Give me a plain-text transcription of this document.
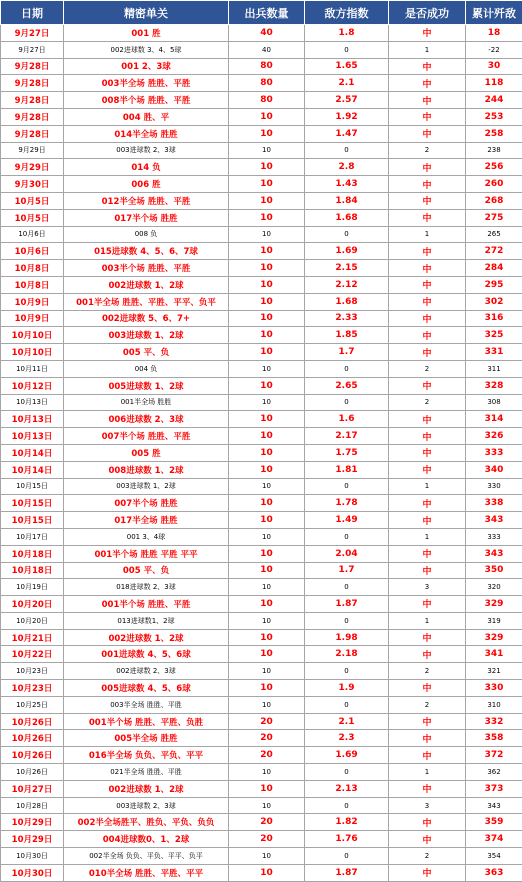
日期	精密单关	出兵数量	敌方指数	是否成功	累计歼敌
9月27日	001 胜	40	1.8	中	18
9月27日	002进球数 3、4、5球	40	0	1	-22
9月28日	001 2、3球	80	1.65	中	30
9月28日	003半全场 胜胜、平胜	80	2.1	中	118
9月28日	008半个场 胜胜、平胜	80	2.57	中	244
9月28日	004 胜、平	10	1.92	中	253
9月28日	014半全场 胜胜	10	1.47	中	258
9月29日	003进球数 2、3球	10	0	2	238
9月29日	014 负	10	2.8	中	256
9月30日	006 胜	10	1.43	中	260
10月5日	012半全场 胜胜、平胜	10	1.84	中	268
10月5日	017半个场 胜胜	10	1.68	中	275
10月6日	008 负	10	0	1	265
10月6日	015进球数 4、5、6、7球	10	1.69	中	272
10月8日	003半个场 胜胜、平胜	10	2.15	中	284
10月8日	002进球数 1、2球	10	2.12	中	295
10月9日	001半全场 胜胜、平胜、平平、负平	10	1.68	中	302
10月9日	002进球数 5、6、7+	10	2.33	中	316
10月10日	003进球数 1、2球	10	1.85	中	325
10月10日	005 平、负	10	1.7	中	331
10月11日	004 负	10	0	2	311
10月12日	005进球数 1、2球	10	2.65	中	328
10月13日	001半全场 胜胜	10	0	2	308
10月13日	006进球数 2、3球	10	1.6	中	314
10月13日	007半个场 胜胜、平胜	10	2.17	中	326
10月14日	005 胜	10	1.75	中	333
10月14日	008进球数 1、2球	10	1.81	中	340
10月15日	003进球数 1、2球	10	0	1	330
10月15日	007半个场 胜胜	10	1.78	中	338
10月15日	017半全场 胜胜	10	1.49	中	343
10月17日	001 3、4球	10	0	1	333
10月18日	001半个场 胜胜 平胜 平平	10	2.04	中	343
10月18日	005 平、负	10	1.7	中	350
10月19日	018进球数 2、3球	10	0	3	320
10月20日	001半个场 胜胜、平胜	10	1.87	中	329
10月20日	013进球数1、2球	10	0	1	319
10月21日	002进球数 1、2球	10	1.98	中	329
10月22日	001进球数 4、5、6球	10	2.18	中	341
10月23日	002进球数 2、3球	10	0	2	321
10月23日	005进球数 4、5、6球	10	1.9	中	330
10月25日	003半全场 胜胜、平胜	10	0	2	310
10月26日	001半个场 胜胜、平胜、负胜	20	2.1	中	332
10月26日	005半全场 胜胜	20	2.3	中	358
10月26日	016半全场 负负、平负、平平	20	1.69	中	372
10月26日	021半全场 胜胜、平胜	10	0	1	362
10月27日	002进球数 1、2球	10	2.13	中	373
10月28日	003进球数 2、3球	10	0	3	343
10月29日	002半全场胜平、胜负、平负、负负	20	1.82	中	359
10月29日	004进球数0、1、2球	20	1.76	中	374
10月30日	002半全场 负负、平负、平平、负平	10	0	2	354
10月30日	010半全场 胜胜、平胜、平平	10	1.87	中	363
